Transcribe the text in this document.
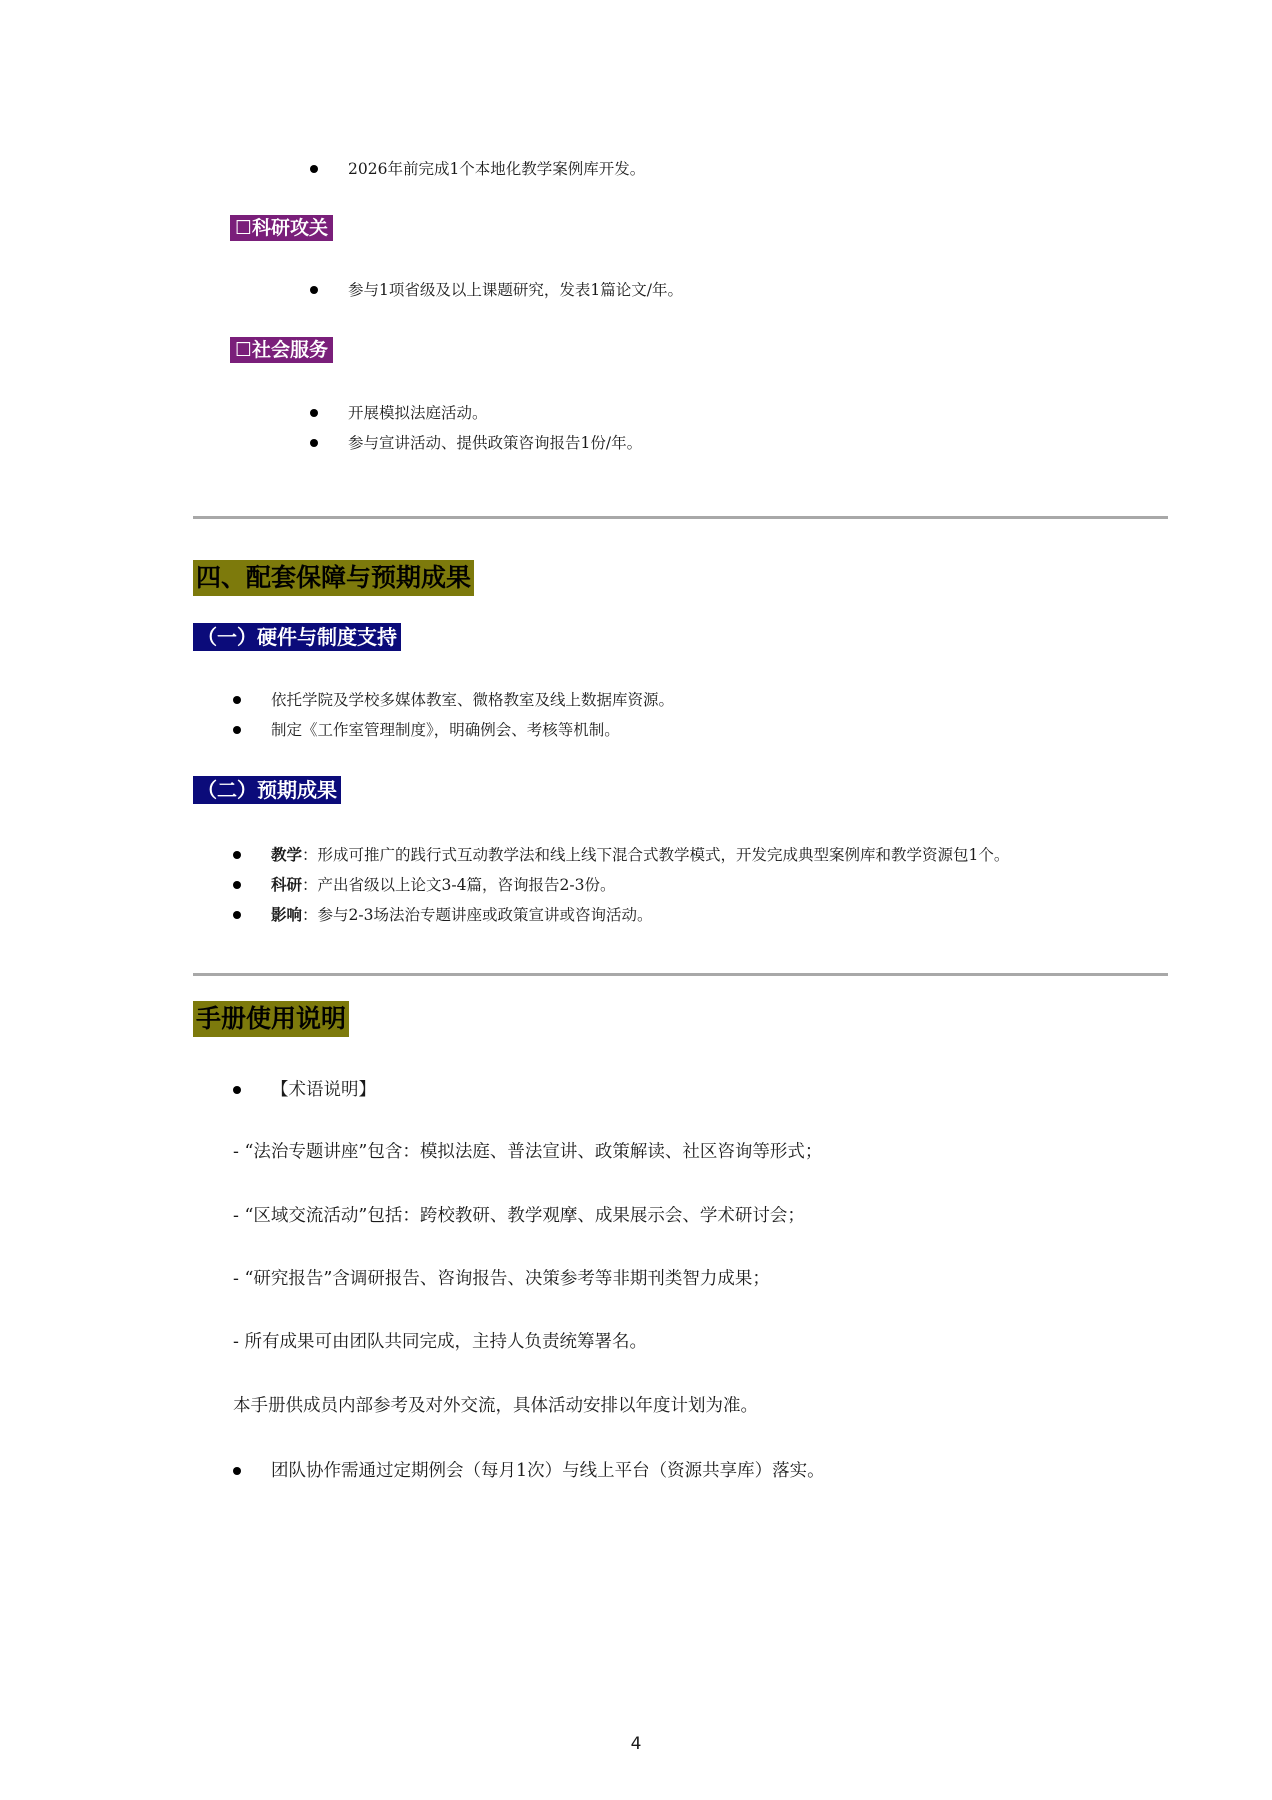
2026年前完成1个本地化教学案例库开发。
☐科研攻关
参与1项省级及以上课题研究，发表1篇论文/年。
☐社会服务
开展模拟法庭活动。
参与宣讲活动、提供政策咨询报告1份/年。
四、配套保障与预期成果
（一）硬件与制度支持
依托学院及学校多媒体教室、微格教室及线上数据库资源。
制定《工作室管理制度》，明确例会、考核等机制。
（二）预期成果
教学：形成可推广的践行式互动教学法和线上线下混合式教学模式，开发完成典型案例库和教学资源包1个。
科研：产出省级以上论文3-4篇，咨询报告2-3份。
影响：参与2-3场法治专题讲座或政策宣讲或咨询活动。
手册使用说明
【术语说明】
- “法治专题讲座”包含：模拟法庭、普法宣讲、政策解读、社区咨询等形式；
- “区域交流活动”包括：跨校教研、教学观摩、成果展示会、学术研讨会；
- “研究报告”含调研报告、咨询报告、决策参考等非期刊类智力成果；
- 所有成果可由团队共同完成，主持人负责统筹署名。
本手册供成员内部参考及对外交流，具体活动安排以年度计划为准。
团队协作需通过定期例会（每月1次）与线上平台（资源共享库）落实。
4
